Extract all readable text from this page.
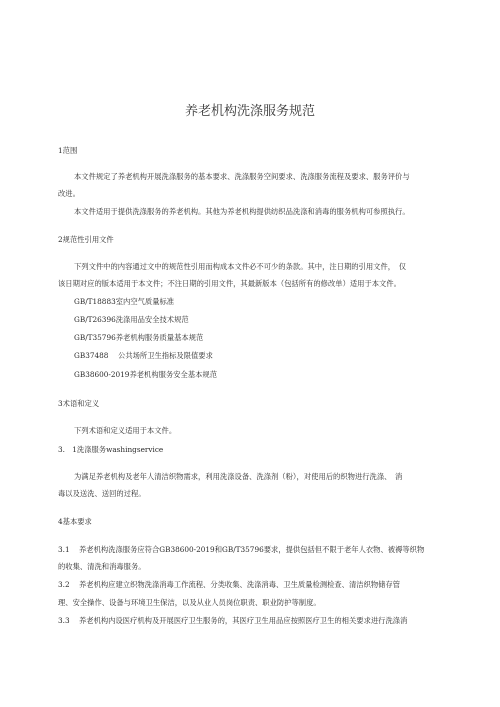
养老机构洗涤服务规范
1范围
本文件规定了养老机构开展洗涤服务的基本要求、洗涤服务空间要求、洗涤服务流程及要求、服务评价与
改进。
本文件适用于提供洗涤服务的养老机构。其他为养老机构提供纺织品洗涤和消毒的服务机构可参照执行。
2规范性引用文件
下列文件中的内容通过文中的规范性引用而构成本文件必不可少的条款。其中，注日期的引用文件，　仅
该日期对应的版本适用于本文件；不注日期的引用文件，其最新版本（包括所有的修改单）适用于本文件。
GB/T18883室内空气质量标准
GB/T26396洗涤用品安全技术规范
GB/T35796养老机构服务质量基本规范
GB37488　 公共场所卫生指标及限值要求
GB38600-2019养老机构服务安全基本规范
3术语和定义
下列术语和定义适用于本文件。
3.　1洗涤服务washingservice
为满足养老机构及老年人清洁织物需求，利用洗涤设备、洗涤剂（粉），对使用后的织物进行洗涤、　消
毒以及送洗、送回的过程。
4基本要求
3.1 养老机构洗涤服务应符合GB38600-2019和GB/T35796要求，提供包括但不限于老年人衣物、被褥等织物
的收集、清洗和消毒服务。
3.2 养老机构应建立织物洗涤消毒工作流程、分类收集、洗涤消毒、卫生质量检测检查、清洁织物储存管
理、安全操作、设备与环境卫生保洁，以及从业人员岗位职责、职业防护等制度。
3.3 养老机构内设医疗机构及开展医疗卫生服务的，其医疗卫生用品应按照医疗卫生的相关要求进行洗涤消
